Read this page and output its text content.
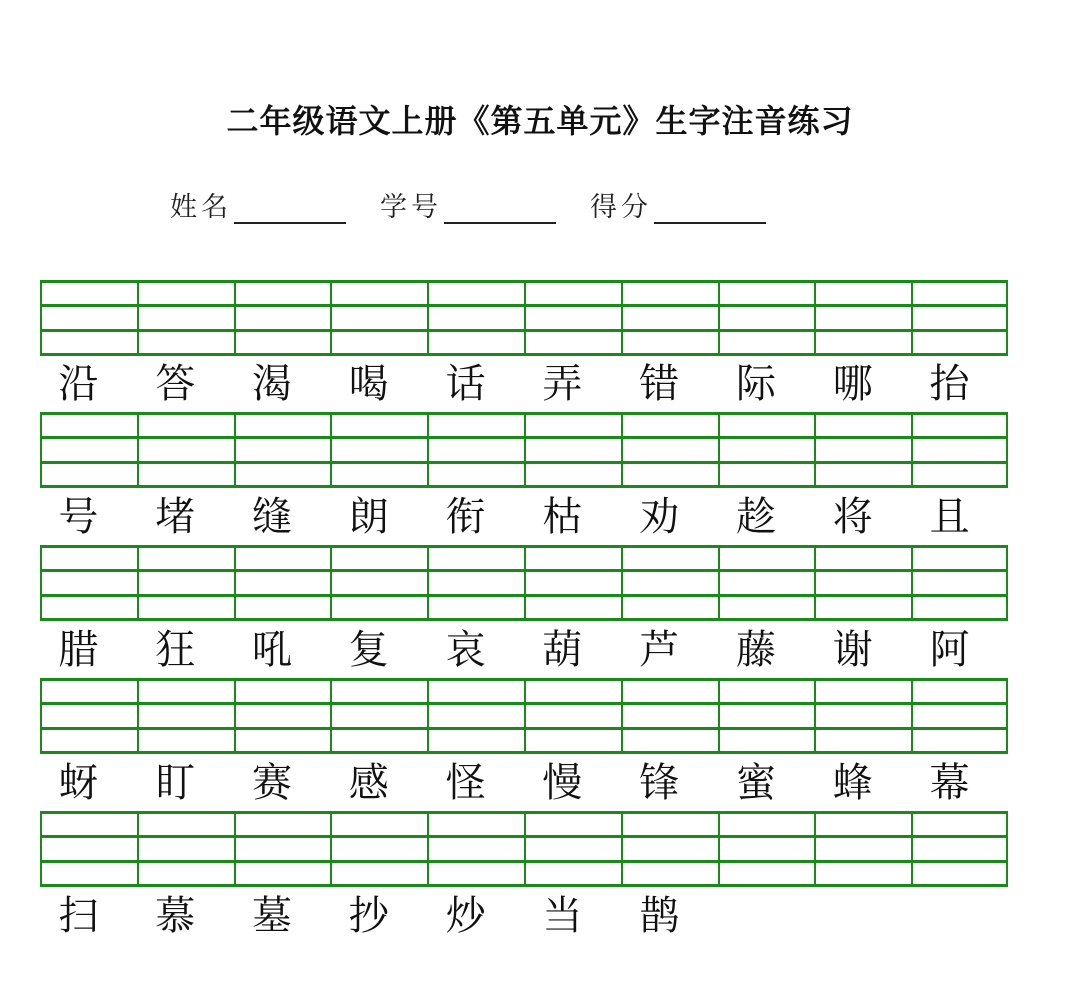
二年级语文上册《第五单元》生字注音练习
姓名	学号	得分
沿	答	渴	喝	话	弄	错	际	哪	抬
号	堵	缝	朗	衔	枯	劝	趁	将	且
腊	狂	吼	复	哀	葫	芦	藤	谢	阿
蚜	盯	赛	感	怪	慢	锋	蜜	蜂	幕
扫	慕	墓	抄	炒	当	鹊
